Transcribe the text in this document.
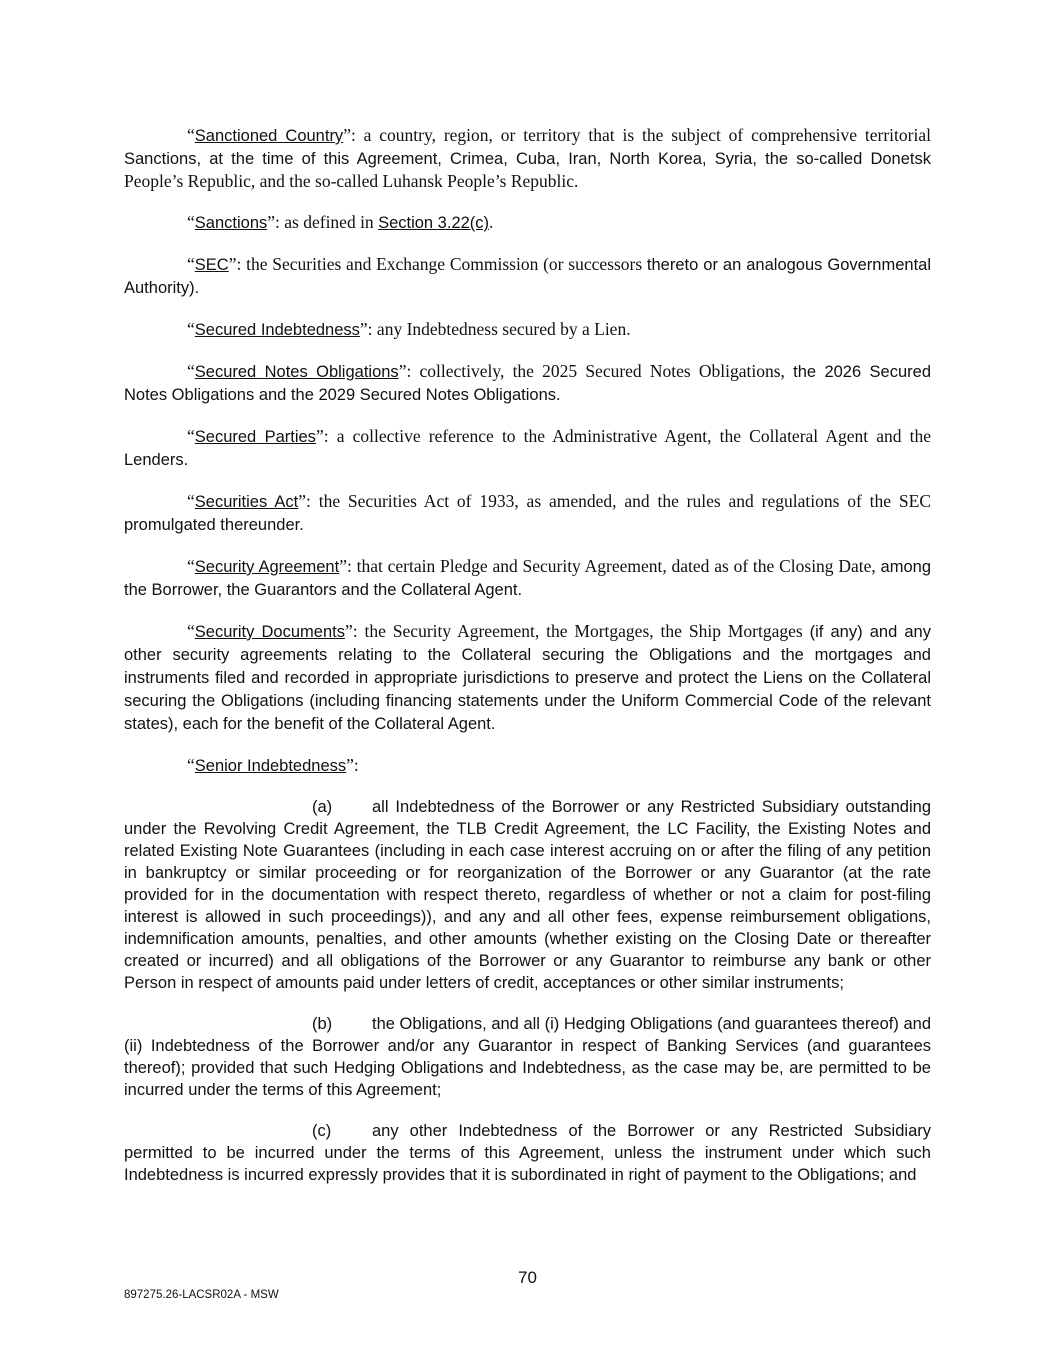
“Sanctioned Country”: a country, region, or territory that is the subject of comprehensive territorial Sanctions, at the time of this Agreement, Crimea, Cuba, Iran, North Korea, Syria, the so-called Donetsk People’s Republic, and the so-called Luhansk People’s Republic.

“Sanctions”: as defined in Section 3.22(c).

“SEC”: the Securities and Exchange Commission (or successors thereto or an analogous Governmental Authority).

“Secured Indebtedness”: any Indebtedness secured by a Lien.

“Secured Notes Obligations”: collectively, the 2025 Secured Notes Obligations, the 2026 Secured Notes Obligations and the 2029 Secured Notes Obligations.

“Secured Parties”: a collective reference to the Administrative Agent, the Collateral Agent and the Lenders.

“Securities Act”: the Securities Act of 1933, as amended, and the rules and regulations of the SEC promulgated thereunder.

“Security Agreement”: that certain Pledge and Security Agreement, dated as of the Closing Date, among the Borrower, the Guarantors and the Collateral Agent.

“Security Documents”: the Security Agreement, the Mortgages, the Ship Mortgages (if any) and any other security agreements relating to the Collateral securing the Obligations and the mortgages and instruments filed and recorded in appropriate jurisdictions to preserve and protect the Liens on the Collateral securing the Obligations (including financing statements under the Uniform Commercial Code of the relevant states), each for the benefit of the Collateral Agent.

“Senior Indebtedness”:

(a) all Indebtedness of the Borrower or any Restricted Subsidiary outstanding under the Revolving Credit Agreement, the TLB Credit Agreement, the LC Facility, the Existing Notes and related Existing Note Guarantees (including in each case interest accruing on or after the filing of any petition in bankruptcy or similar proceeding or for reorganization of the Borrower or any Guarantor (at the rate provided for in the documentation with respect thereto, regardless of whether or not a claim for post-filing interest is allowed in such proceedings)), and any and all other fees, expense reimbursement obligations, indemnification amounts, penalties, and other amounts (whether existing on the Closing Date or thereafter created or incurred) and all obligations of the Borrower or any Guarantor to reimburse any bank or other Person in respect of amounts paid under letters of credit, acceptances or other similar instruments;

(b) the Obligations, and all (i) Hedging Obligations (and guarantees thereof) and (ii) Indebtedness of the Borrower and/or any Guarantor in respect of Banking Services (and guarantees thereof); provided that such Hedging Obligations and Indebtedness, as the case may be, are permitted to be incurred under the terms of this Agreement;

(c) any other Indebtedness of the Borrower or any Restricted Subsidiary permitted to be incurred under the terms of this Agreement, unless the instrument under which such Indebtedness is incurred expressly provides that it is subordinated in right of payment to the Obligations; and

70
897275.26-LACSR02A - MSW
